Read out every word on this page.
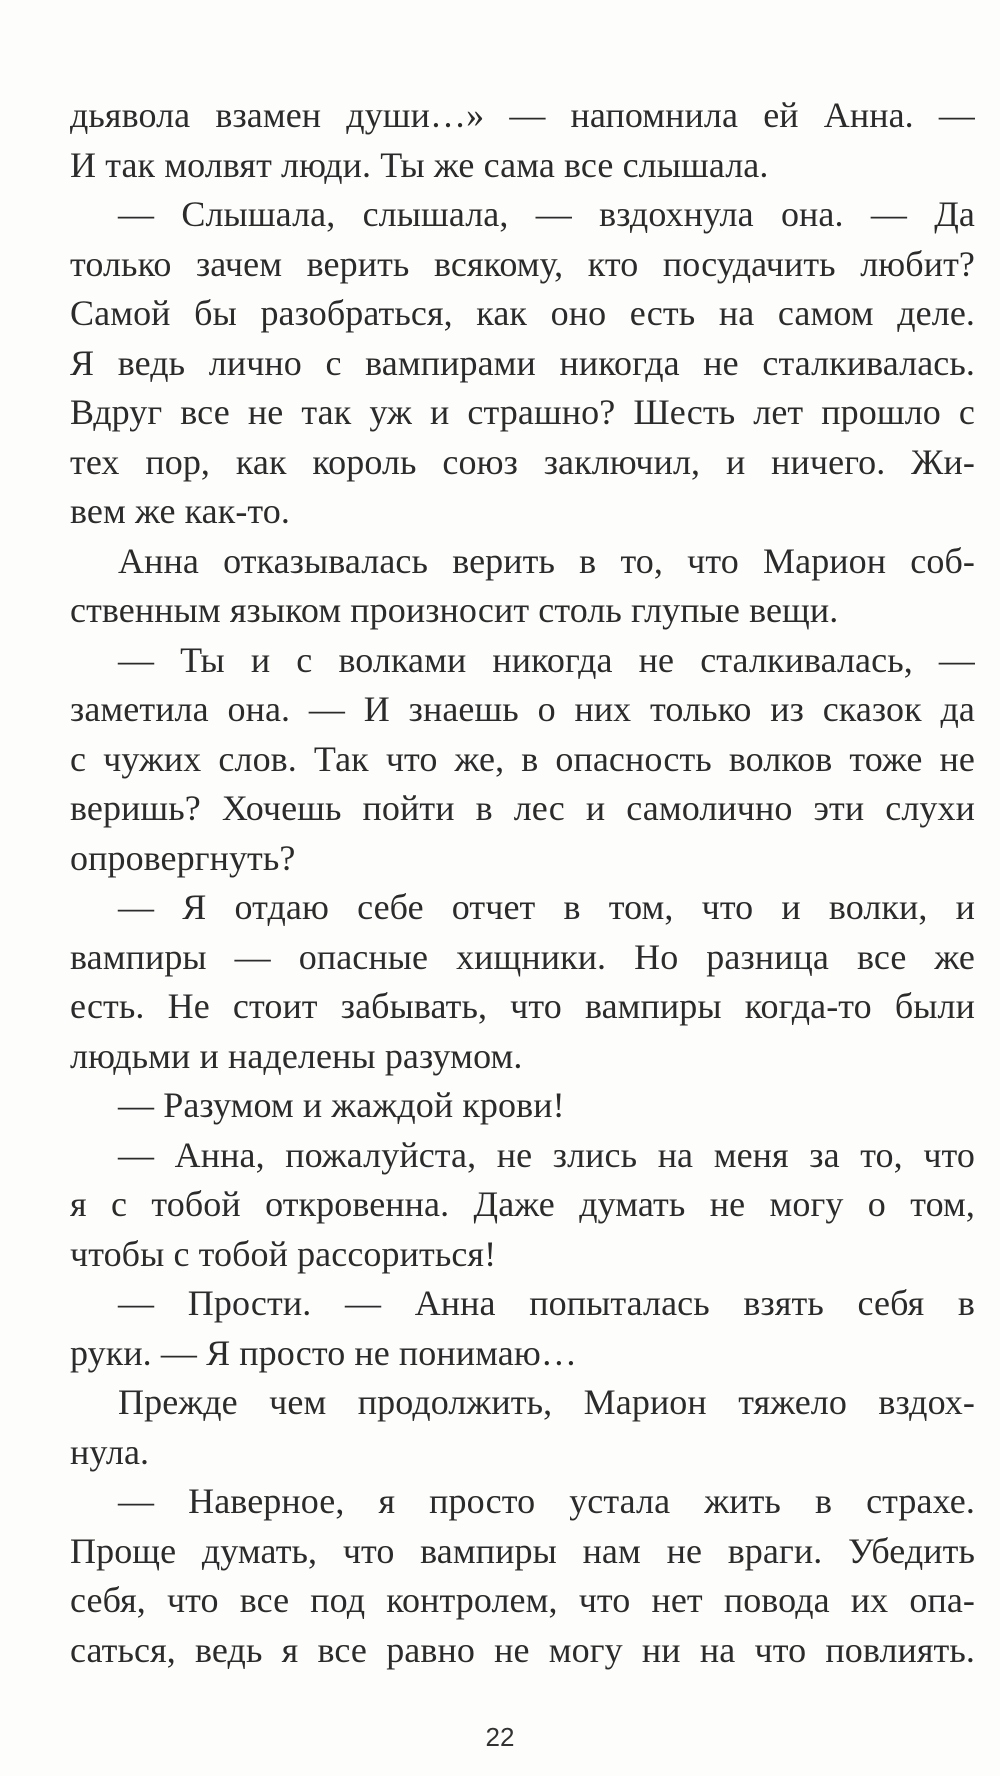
дьявола взамен души…» — напомнила ей Анна. —
И так молвят люди. Ты же сама все слышала.
— Слышала, слышала, — вздохнула она. — Да
только зачем верить всякому, кто посудачить любит?
Самой бы разобраться, как оно есть на самом деле.
Я ведь лично с вампирами никогда не сталкивалась.
Вдруг все не так уж и страшно? Шесть лет прошло с
тех пор, как король союз заключил, и ничего. Жи-
вем же как-то.
Анна отказывалась верить в то, что Марион соб-
ственным языком произносит столь глупые вещи.
— Ты и с волками никогда не сталкивалась, —
заметила она. — И знаешь о них только из сказок да
с чужих слов. Так что же, в опасность волков тоже не
веришь? Хочешь пойти в лес и самолично эти слухи
опровергнуть?
— Я отдаю себе отчет в том, что и волки, и
вампиры — опасные хищники. Но разница все же
есть. Не стоит забывать, что вампиры когда-то были
людьми и наделены разумом.
— Разумом и жаждой крови!
— Анна, пожалуйста, не злись на меня за то, что
я с тобой откровенна. Даже думать не могу о том,
чтобы с тобой рассориться!
— Прости. — Анна попыталась взять себя в
руки. — Я просто не понимаю…
Прежде чем продолжить, Марион тяжело вздох-
нула.
— Наверное, я просто устала жить в страхе.
Проще думать, что вампиры нам не враги. Убедить
себя, что все под контролем, что нет повода их опа-
саться, ведь я все равно не могу ни на что повлиять.
22
